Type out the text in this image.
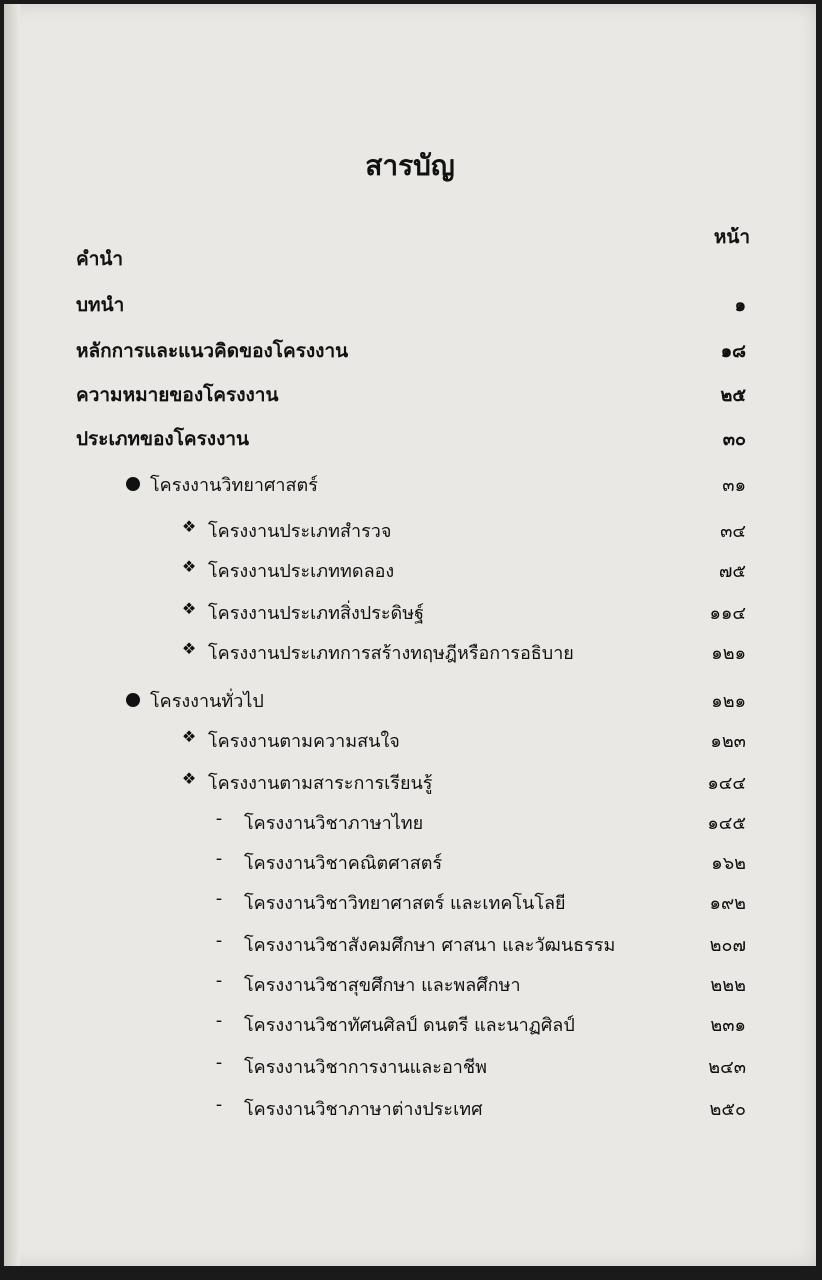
สารบัญ
หน้า
คำนำ
บทนำ	๑
หลักการและแนวคิดของโครงงาน	๑๘
ความหมายของโครงงาน	๒๕
ประเภทของโครงงาน	๓๐
โครงงานวิทยาศาสตร์	๓๑
❖ โครงงานประเภทสำรวจ	๓๔
❖ โครงงานประเภททดลอง	๗๕
❖ โครงงานประเภทสิ่งประดิษฐ์	๑๑๔
❖ โครงงานประเภทการสร้างทฤษฎีหรือการอธิบาย	๑๒๑
โครงงานทั่วไป	๑๒๑
❖ โครงงานตามความสนใจ	๑๒๓
❖ โครงงานตามสาระการเรียนรู้	๑๔๔
- โครงงานวิชาภาษาไทย	๑๔๕
- โครงงานวิชาคณิตศาสตร์	๑๖๒
- โครงงานวิชาวิทยาศาสตร์ และเทคโนโลยี	๑๙๒
- โครงงานวิชาสังคมศึกษา ศาสนา และวัฒนธรรม	๒๐๗
- โครงงานวิชาสุขศึกษา และพลศึกษา	๒๒๒
- โครงงานวิชาทัศนศิลป์ ดนตรี และนาฏศิลป์	๒๓๑
- โครงงานวิชาการงานและอาชีพ	๒๔๓
- โครงงานวิชาภาษาต่างประเทศ	๒๕๐
